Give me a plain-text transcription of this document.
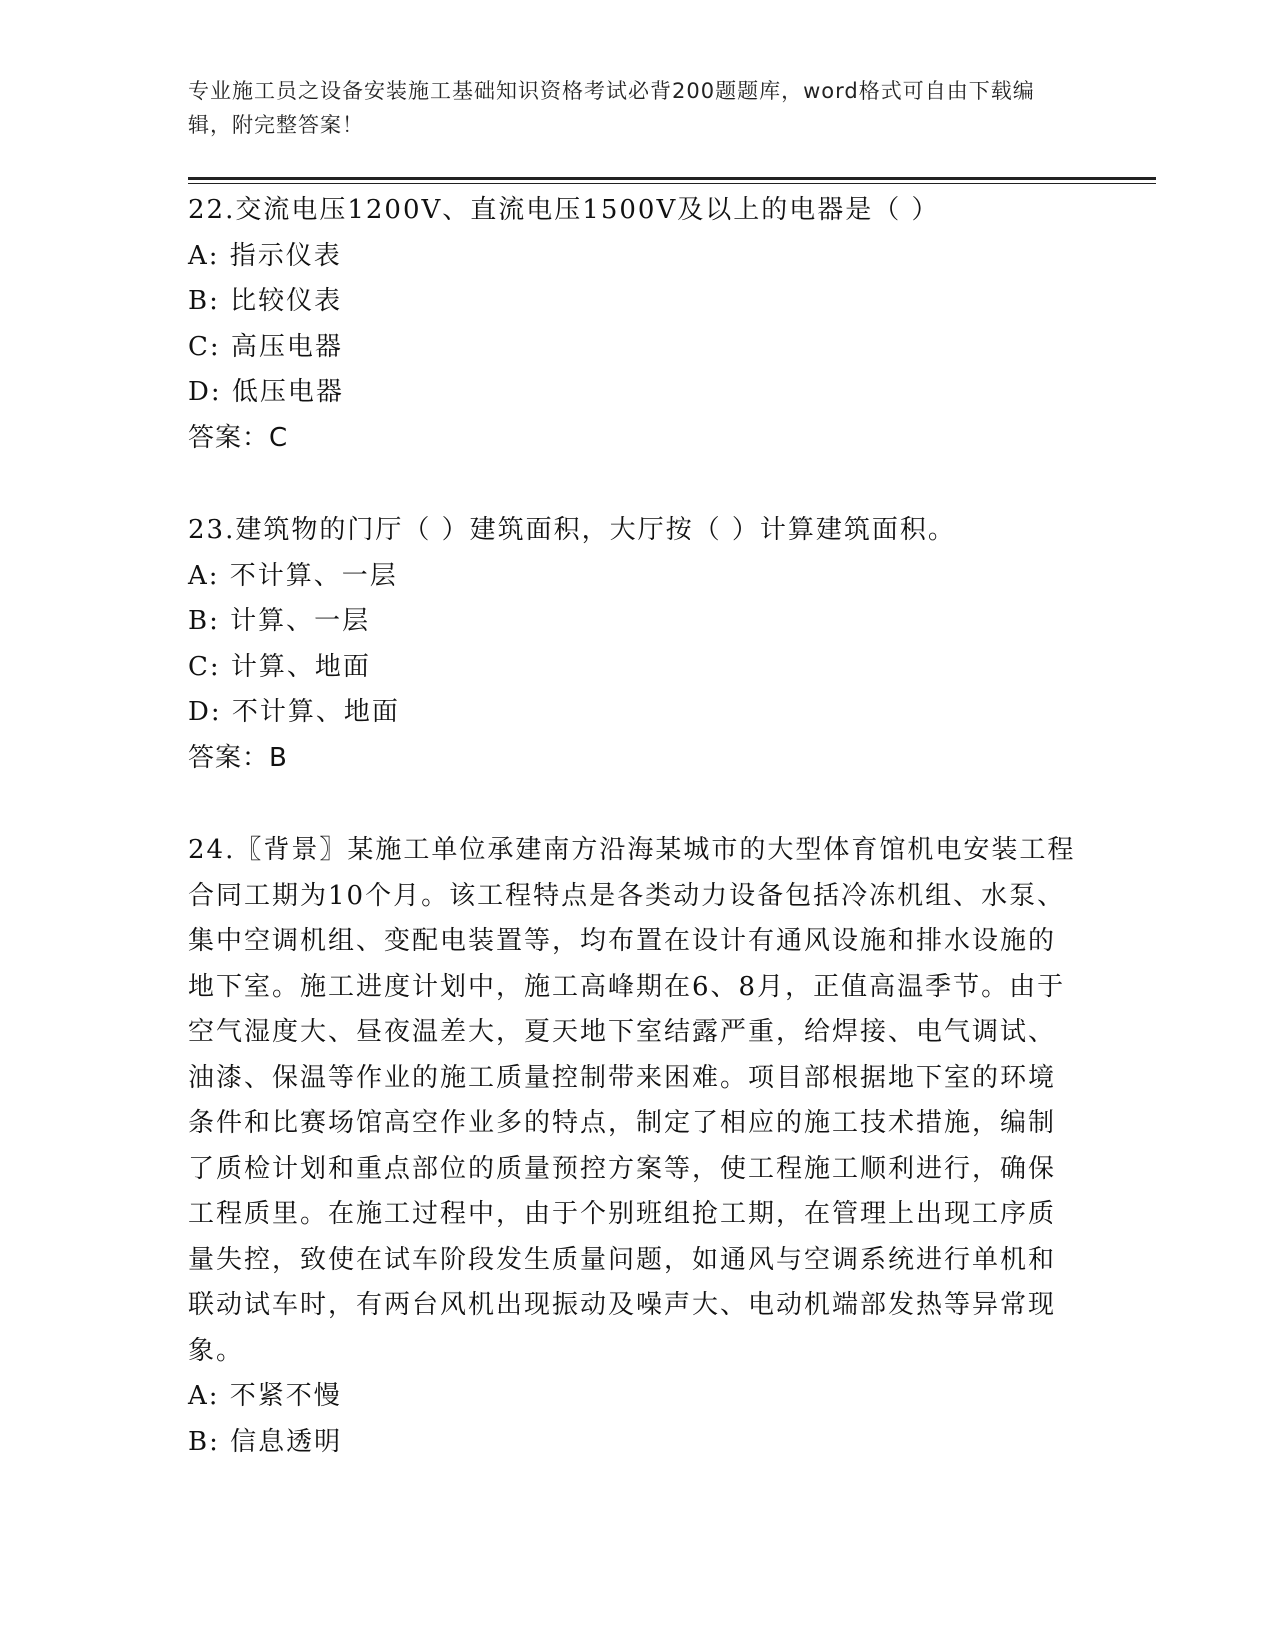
专业施工员之设备安装施工基础知识资格考试必背200题题库，word格式可自由下载编辑，附完整答案！
22.交流电压1200V、直流电压1500V及以上的电器是（ ）
A: 指示仪表
B: 比较仪表
C: 高压电器
D: 低压电器
答案：C
23.建筑物的门厅（ ）建筑面积，大厅按（ ）计算建筑面积。
A: 不计算、一层
B: 计算、一层
C: 计算、地面
D: 不计算、地面
答案：B
24.〖背景〗某施工单位承建南方沿海某城市的大型体育馆机电安装工程合同工期为10个月。该工程特点是各类动力设备包括冷冻机组、水泵、集中空调机组、变配电装置等，均布置在设计有通风设施和排水设施的地下室。施工进度计划中，施工高峰期在6、8月，正值高温季节。由于空气湿度大、昼夜温差大，夏天地下室结露严重，给焊接、电气调试、油漆、保温等作业的施工质量控制带来困难。项目部根据地下室的环境条件和比赛场馆高空作业多的特点，制定了相应的施工技术措施，编制了质检计划和重点部位的质量预控方案等，使工程施工顺利进行，确保工程质里。在施工过程中，由于个别班组抢工期，在管理上出现工序质量失控，致使在试车阶段发生质量问题，如通风与空调系统进行单机和联动试车时，有两台风机出现振动及噪声大、电动机端部发热等异常现象。
A: 不紧不慢
B: 信息透明
